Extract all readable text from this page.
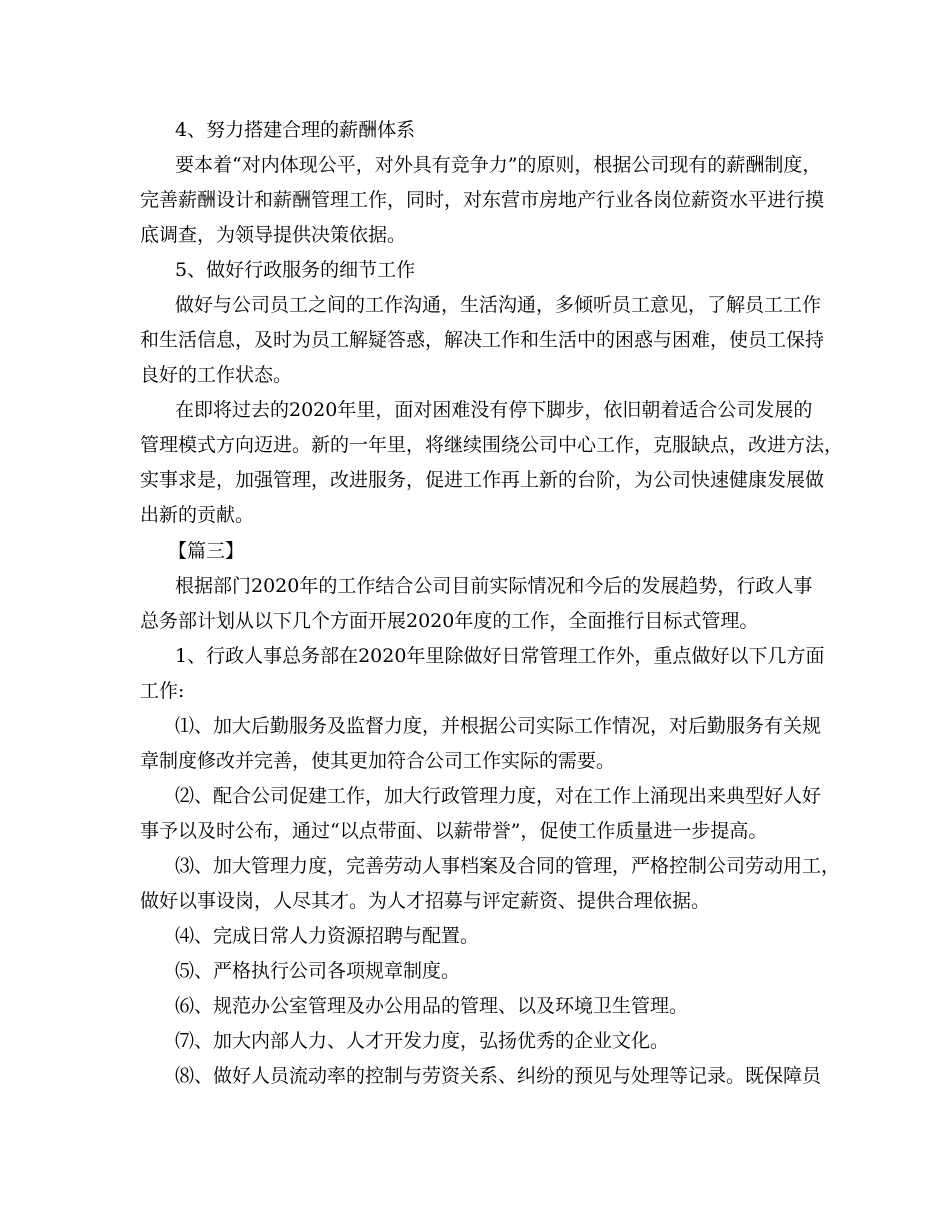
4、努力搭建合理的薪酬体系
要本着“对内体现公平，对外具有竞争力”的原则，根据公司现有的薪酬制度，
完善薪酬设计和薪酬管理工作，同时，对东营市房地产行业各岗位薪资水平进行摸
底调查，为领导提供决策依据。
5、做好行政服务的细节工作
做好与公司员工之间的工作沟通，生活沟通，多倾听员工意见，了解员工工作
和生活信息，及时为员工解疑答惑，解决工作和生活中的困惑与困难，使员工保持
良好的工作状态。
在即将过去的2020年里，面对困难没有停下脚步，依旧朝着适合公司发展的
管理模式方向迈进。新的一年里，将继续围绕公司中心工作，克服缺点，改进方法，
实事求是，加强管理，改进服务，促进工作再上新的台阶，为公司快速健康发展做
出新的贡献。
【篇三】
根据部门2020年的工作结合公司目前实际情况和今后的发展趋势，行政人事
总务部计划从以下几个方面开展2020年度的工作，全面推行目标式管理。
1、行政人事总务部在2020年里除做好日常管理工作外，重点做好以下几方面
工作:
⑴、加大后勤服务及监督力度，并根据公司实际工作情况，对后勤服务有关规
章制度修改并完善，使其更加符合公司工作实际的需要。
⑵、配合公司促建工作，加大行政管理力度，对在工作上涌现出来典型好人好
事予以及时公布，通过“以点带面、以薪带誉”，促使工作质量进一步提高。
⑶、加大管理力度，完善劳动人事档案及合同的管理，严格控制公司劳动用工，
做好以事设岗，人尽其才。为人才招募与评定薪资、提供合理依据。
⑷、完成日常人力资源招聘与配置。
⑸、严格执行公司各项规章制度。
⑹、规范办公室管理及办公用品的管理、以及环境卫生管理。
⑺、加大内部人力、人才开发力度，弘扬优秀的企业文化。
⑻、做好人员流动率的控制与劳资关系、纠纷的预见与处理等记录。既保障员
